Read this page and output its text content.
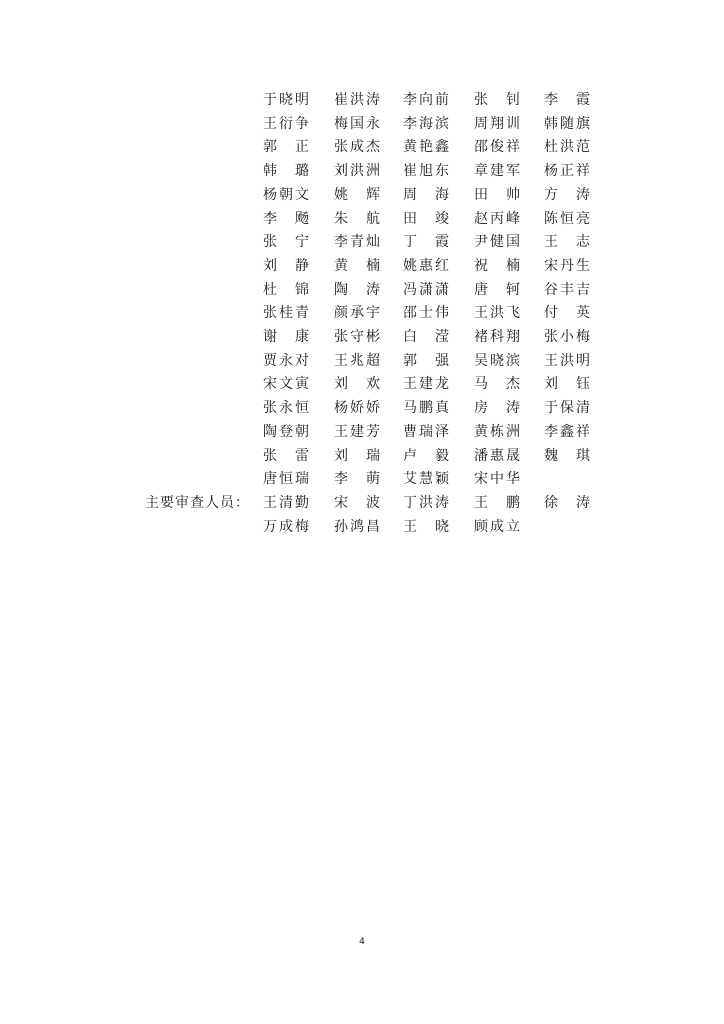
于晓明 崔洪涛 李向前 张 钊 李 霞
王衍争 梅国永 李海滨 周翔训 韩随旗
郭 正 张成杰 黄艳鑫 邵俊祥 杜洪范
韩 璐 刘洪洲 崔旭东 章建军 杨正祥
杨朝文 姚 辉 周 海 田 帅 方 涛
李 飏 朱 航 田 竣 赵丙峰 陈恒亮
张 宁 李青灿 丁 霞 尹健国 王 志
刘 静 黄 楠 姚惠红 祝 楠 宋丹生
杜 锦 陶 涛 冯潇潇 唐 轲 谷丰吉
张桂青 颜承宇 邵士伟 王洪飞 付 英
谢 康 张守彬 白 滢 褚科翔 张小梅
贾永对 王兆超 郭 强 吴晓滨 王洪明
宋文寅 刘 欢 王建龙 马 杰 刘 钰
张永恒 杨娇娇 马鹏真 房 涛 于保清
陶登朝 王建芳 曹瑞泽 黄栋洲 李鑫祥
张 雷 刘 瑞 卢 毅 潘惠晟 魏 琪
唐恒瑞 李 萌 艾慧颖 宋中华
主要审查人员： 王清勤 宋 波 丁洪涛 王 鹏 徐 涛
万成梅 孙鸿昌 王 晓 顾成立
4
